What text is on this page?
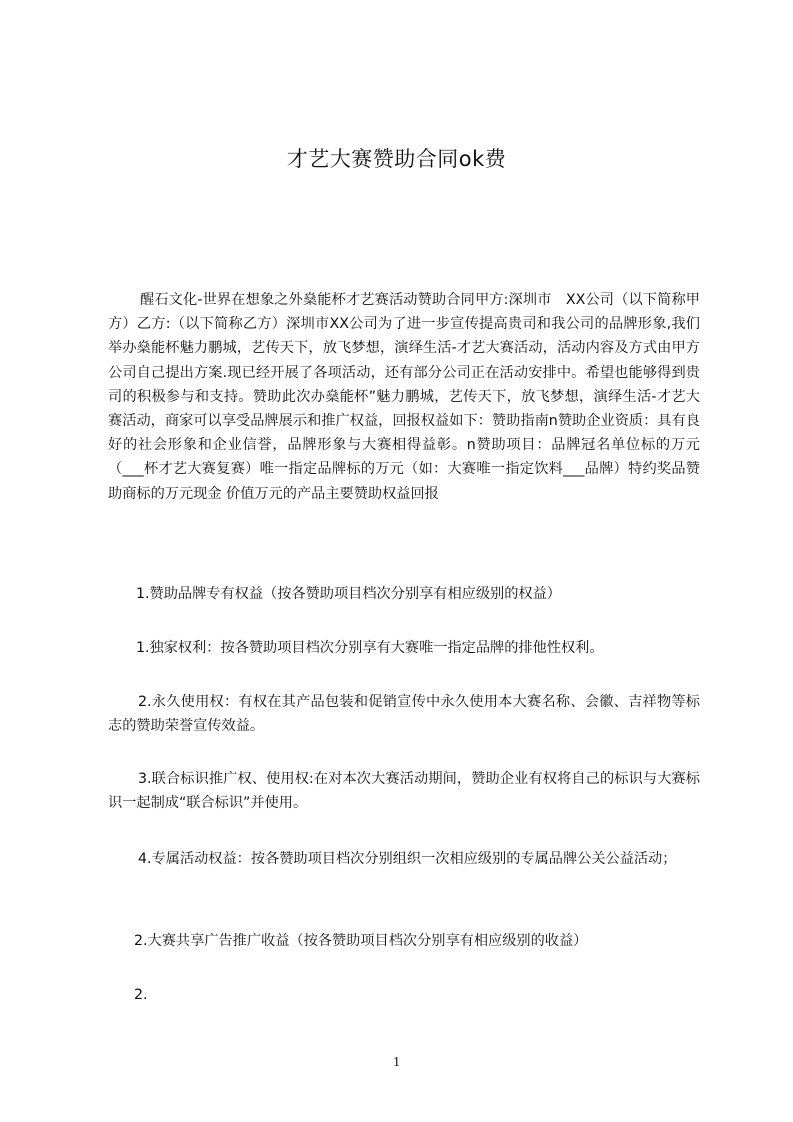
才艺大赛赞助合同ok费

醒石文化-世界在想象之外燊能杯才艺赛活动赞助合同甲方:深圳市　XX公司（以下简称甲方）乙方:（以下简称乙方）深圳市XX公司为了进一步宣传提高贵司和我公司的品牌形象,我们举办燊能杯魅力鹏城，艺传天下，放飞梦想，演绎生活-才艺大赛活动，活动内容及方式由甲方公司自己提出方案.现已经开展了各项活动，还有部分公司正在活动安排中。希望也能够得到贵司的积极参与和支持。赞助此次办燊能杯”魅力鹏城，艺传天下，放飞梦想，演绎生活-才艺大赛活动，商家可以享受品牌展示和推广权益，回报权益如下：赞助指南n赞助企业资质：具有良好的社会形象和企业信誉，品牌形象与大赛相得益彰。n赞助项目：品牌冠名单位标的万元（___杯才艺大赛复赛）唯一指定品牌标的万元（如：大赛唯一指定饮料___品牌）特约奖品赞助商标的万元现金 价值万元的产品主要赞助权益回报

1.赞助品牌专有权益（按各赞助项目档次分别享有相应级别的权益）

1.独家权利：按各赞助项目档次分别享有大赛唯一指定品牌的排他性权利。

2.永久使用权：有权在其产品包装和促销宣传中永久使用本大赛名称、会徽、吉祥物等标志的赞助荣誉宣传效益。

3.联合标识推广权、使用权:在对本次大赛活动期间，赞助企业有权将自己的标识与大赛标识一起制成“联合标识”并使用。

4.专属活动权益：按各赞助项目档次分别组织一次相应级别的专属品牌公关公益活动；

2.大赛共享广告推广收益（按各赞助项目档次分别享有相应级别的收益）

2.

1
